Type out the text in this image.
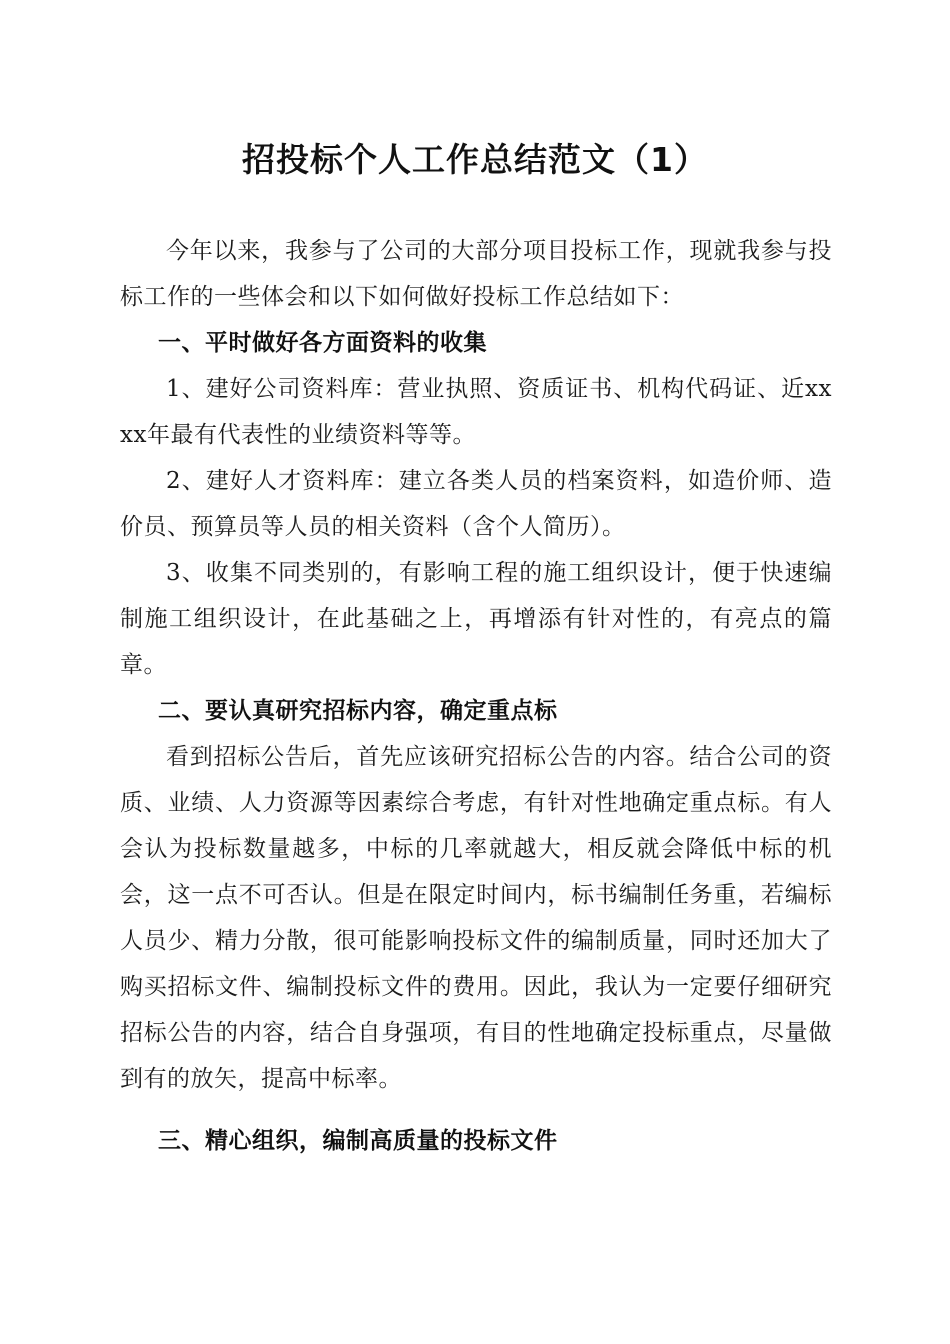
招投标个人工作总结范文（1）

今年以来，我参与了公司的大部分项目投标工作，现就我参与投标工作的一些体会和以下如何做好投标工作总结如下：

一、平时做好各方面资料的收集

1、建好公司资料库：营业执照、资质证书、机构代码证、近xxxx年最有代表性的业绩资料等等。

2、建好人才资料库：建立各类人员的档案资料，如造价师、造价员、预算员等人员的相关资料（含个人简历）。

3、收集不同类别的，有影响工程的施工组织设计，便于快速编制施工组织设计，在此基础之上，再增添有针对性的，有亮点的篇章。

二、要认真研究招标内容，确定重点标

看到招标公告后，首先应该研究招标公告的内容。结合公司的资质、业绩、人力资源等因素综合考虑，有针对性地确定重点标。有人会认为投标数量越多，中标的几率就越大，相反就会降低中标的机会，这一点不可否认。但是在限定时间内，标书编制任务重，若编标人员少、精力分散，很可能影响投标文件的编制质量，同时还加大了购买招标文件、编制投标文件的费用。因此，我认为一定要仔细研究招标公告的内容，结合自身强项，有目的性地确定投标重点，尽量做到有的放矢，提高中标率。

三、精心组织，编制高质量的投标文件
